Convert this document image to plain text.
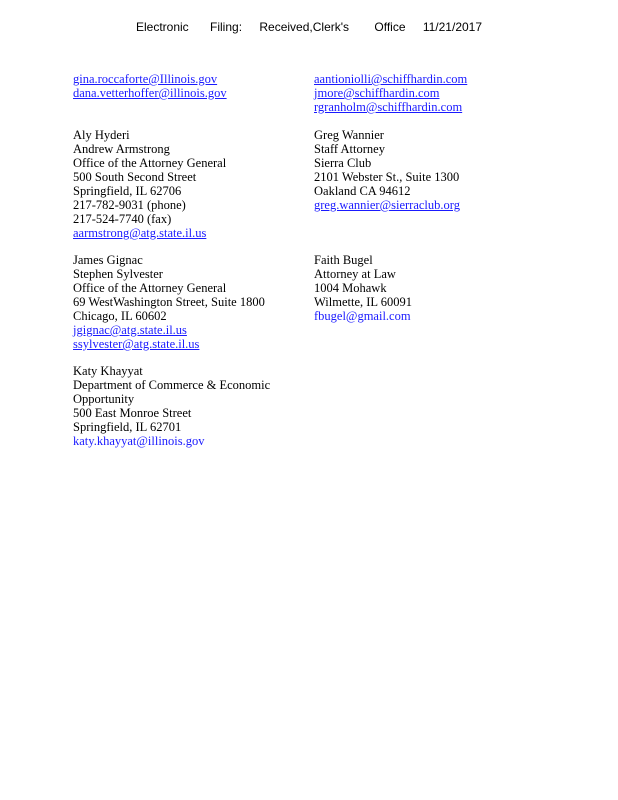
Electronic Filing: Received,Clerk's Office 11/21/2017
gina.roccaforte@Illinois.gov
dana.vetterhoffer@illinois.gov
Aly Hyderi
Andrew Armstrong
Office of the Attorney General
500 South Second Street
Springfield, IL 62706
217-782-9031 (phone)
217-524-7740 (fax)
aarmstrong@atg.state.il.us
James Gignac
Stephen Sylvester
Office of the Attorney General
69 WestWashington Street, Suite 1800
Chicago, IL 60602
jgignac@atg.state.il.us
ssylvester@atg.state.il.us
Katy Khayyat
Department of Commerce & Economic
Opportunity
500 East Monroe Street
Springfield, IL 62701
katy.khayyat@illinois.gov
aantioniolli@schiffhardin.com
jmore@schiffhardin.com
rgranholm@schiffhardin.com
Greg Wannier
Staff Attorney
Sierra Club
2101 Webster St., Suite 1300
Oakland CA 94612
greg.wannier@sierraclub.org
Faith Bugel
Attorney at Law
1004 Mohawk
Wilmette, IL 60091
fbugel@gmail.com
